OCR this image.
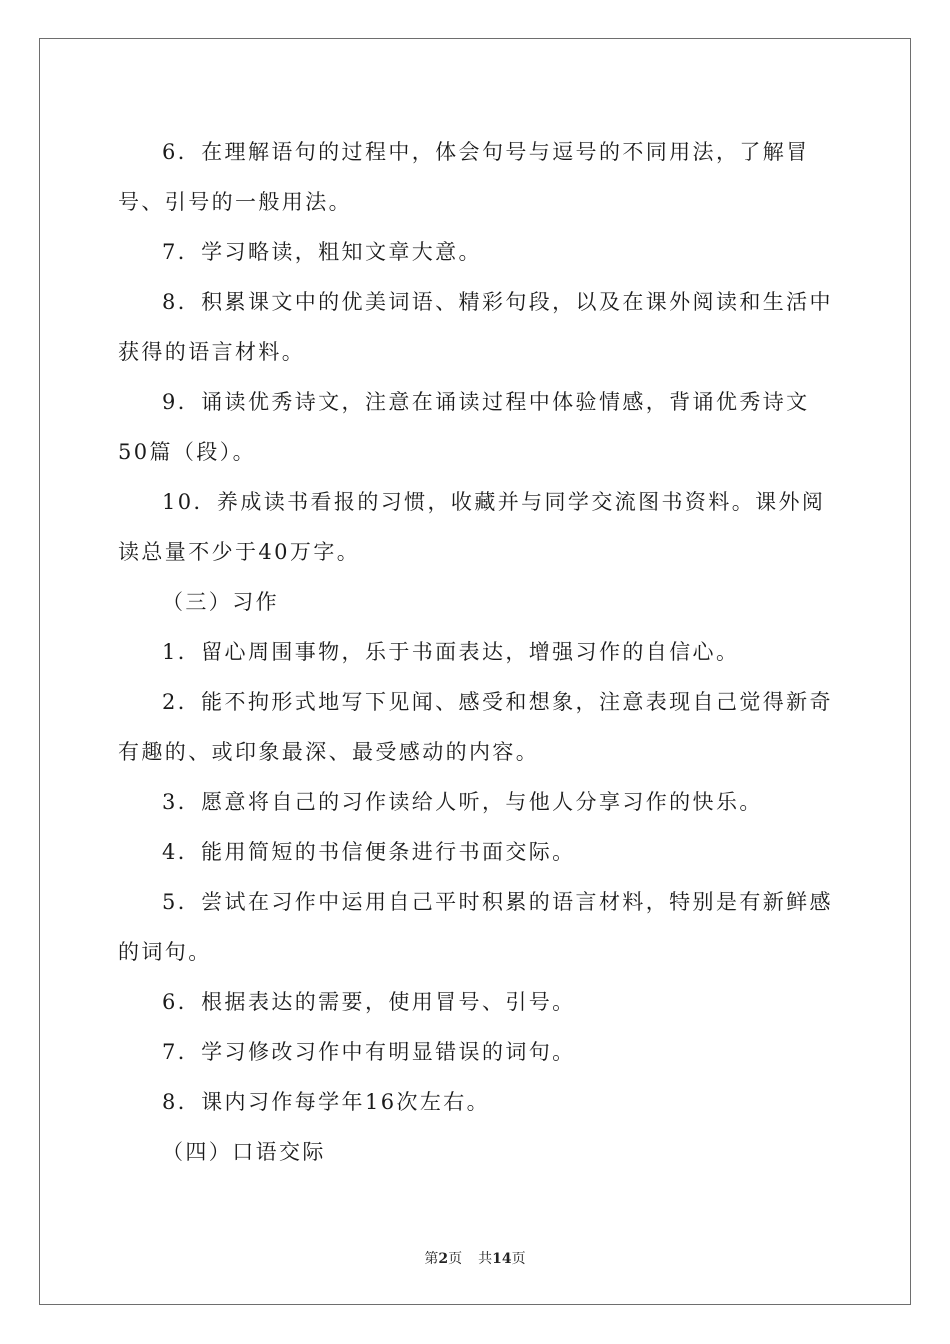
6．在理解语句的过程中，体会句号与逗号的不同用法，了解冒号、引号的一般用法。

7．学习略读，粗知文章大意。

8．积累课文中的优美词语、精彩句段，以及在课外阅读和生活中获得的语言材料。

9．诵读优秀诗文，注意在诵读过程中体验情感，背诵优秀诗文50篇（段）。

10．养成读书看报的习惯，收藏并与同学交流图书资料。课外阅读总量不少于40万字。

（三）习作

1．留心周围事物，乐于书面表达，增强习作的自信心。

2．能不拘形式地写下见闻、感受和想象，注意表现自己觉得新奇有趣的、或印象最深、最受感动的内容。

3．愿意将自己的习作读给人听，与他人分享习作的快乐。

4．能用简短的书信便条进行书面交际。

5．尝试在习作中运用自己平时积累的语言材料，特别是有新鲜感的词句。

6．根据表达的需要，使用冒号、引号。

7．学习修改习作中有明显错误的词句。

8．课内习作每学年16次左右。

（四）口语交际

第2页 共14页
